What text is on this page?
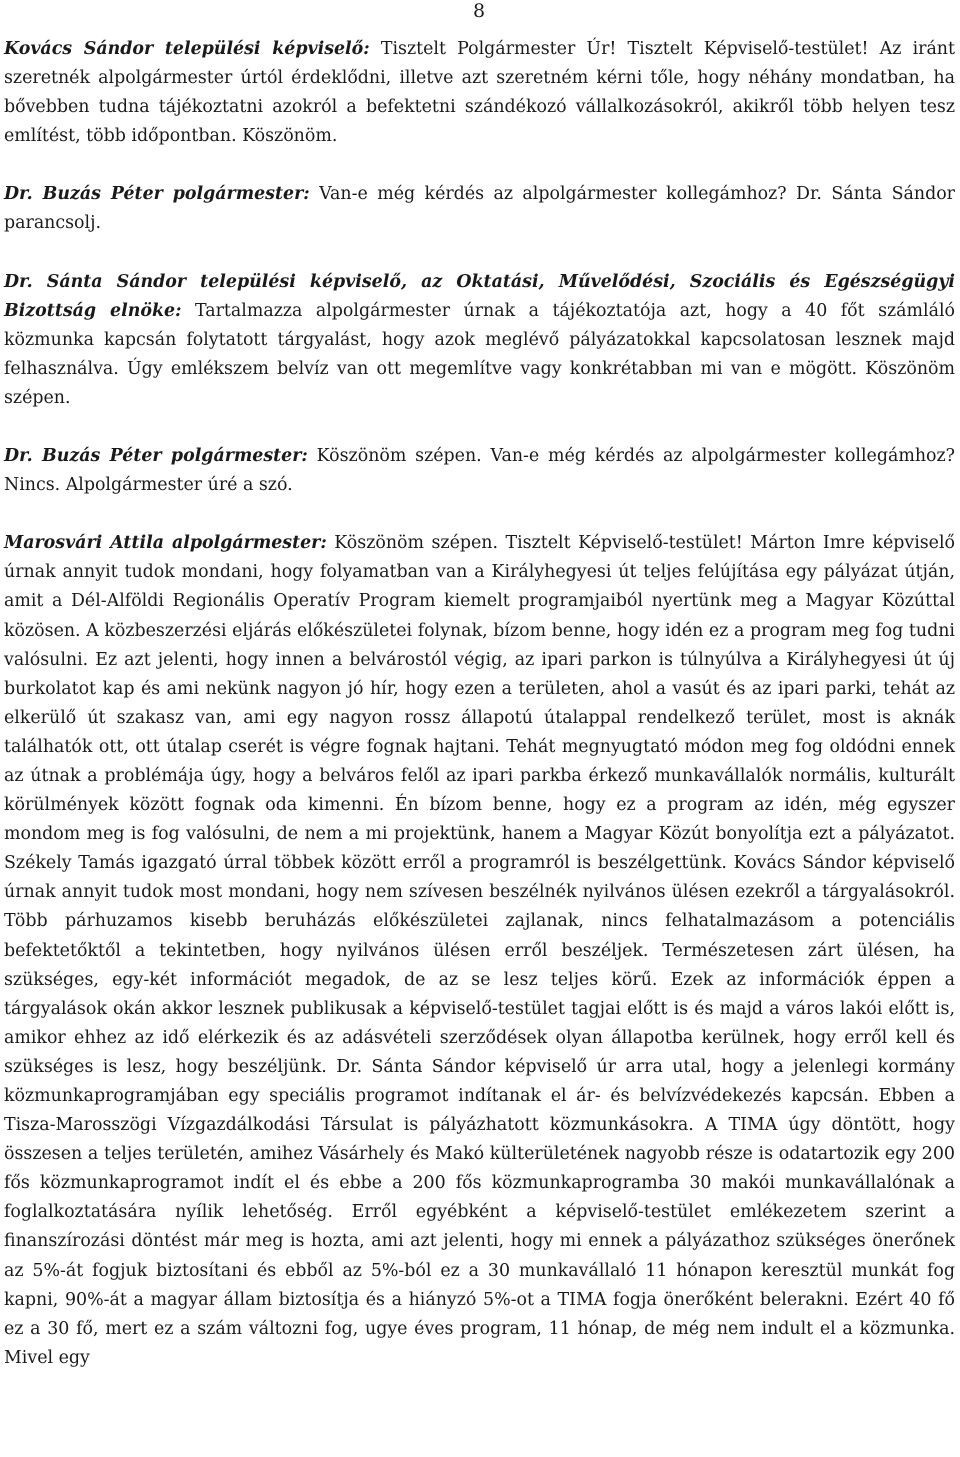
8

Kovács Sándor települési képviselő: Tisztelt Polgármester Úr! Tisztelt Képviselő-testület! Az iránt szeretnék alpolgármester úrtól érdeklődni, illetve azt szeretném kérni tőle, hogy néhány mondatban, ha bővebben tudna tájékoztatni azokról a befektetni szándékozó vállalkozásokról, akikről több helyen tesz említést, több időpontban. Köszönöm.

Dr. Buzás Péter polgármester: Van-e még kérdés az alpolgármester kollegámhoz? Dr. Sánta Sándor parancsolj.

Dr. Sánta Sándor települési képviselő, az Oktatási, Művelődési, Szociális és Egészségügyi Bizottság elnöke: Tartalmazza alpolgármester úrnak a tájékoztatója azt, hogy a 40 főt számláló közmunka kapcsán folytatott tárgyalást, hogy azok meglévő pályázatokkal kapcsolatosan lesznek majd felhasználva. Úgy emlékszem belvíz van ott megemlítve vagy konkrétabban mi van e mögött. Köszönöm szépen.

Dr. Buzás Péter polgármester: Köszönöm szépen. Van-e még kérdés az alpolgármester kollegámhoz? Nincs. Alpolgármester úré a szó.

Marosvári Attila alpolgármester: Köszönöm szépen. Tisztelt Képviselő-testület! Márton Imre képviselő úrnak annyit tudok mondani, hogy folyamatban van a Királyhegyesi út teljes felújítása egy pályázat útján, amit a Dél-Alföldi Regionális Operatív Program kiemelt programjaiból nyertünk meg a Magyar Közúttal közösen. A közbeszerzési eljárás előkészületei folynak, bízom benne, hogy idén ez a program meg fog tudni valósulni. Ez azt jelenti, hogy innen a belvárostól végig, az ipari parkon is túlnyúlva a Királyhegyesi út új burkolatot kap és ami nekünk nagyon jó hír, hogy ezen a területen, ahol a vasút és az ipari parki, tehát az elkerülő út szakasz van, ami egy nagyon rossz állapotú útalappal rendelkező terület, most is aknák találhatók ott, ott útalap cserét is végre fognak hajtani. Tehát megnyugtató módon meg fog oldódni ennek az útnak a problémája úgy, hogy a belváros felől az ipari parkba érkező munkavállalók normális, kulturált körülmények között fognak oda kimenni. Én bízom benne, hogy ez a program az idén, még egyszer mondom meg is fog valósulni, de nem a mi projektünk, hanem a Magyar Közút bonyolítja ezt a pályázatot. Székely Tamás igazgató úrral többek között erről a programról is beszélgettünk. Kovács Sándor képviselő úrnak annyit tudok most mondani, hogy nem szívesen beszélnék nyilvános ülésen ezekről a tárgyalásokról. Több párhuzamos kisebb beruházás előkészületei zajlanak, nincs felhatalmazásom a potenciális befektetőktől a tekintetben, hogy nyilvános ülésen erről beszéljek. Természetesen zárt ülésen, ha szükséges, egy-két információt megadok, de az se lesz teljes körű. Ezek az információk éppen a tárgyalások okán akkor lesznek publikusak a képviselő-testület tagjai előtt is és majd a város lakói előtt is, amikor ehhez az idő elérkezik és az adásvételi szerződések olyan állapotba kerülnek, hogy erről kell és szükséges is lesz, hogy beszéljünk. Dr. Sánta Sándor képviselő úr arra utal, hogy a jelenlegi kormány közmunkaprogramjában egy speciális programot indítanak el ár- és belvízvédekezés kapcsán. Ebben a Tisza-Marosszögi Vízgazdálkodási Társulat is pályázhatott közmunkásokra. A TIMA úgy döntött, hogy összesen a teljes területén, amihez Vásárhely és Makó külterületének nagyobb része is odatartozik egy 200 fős közmunkaprogramot indít el és ebbe a 200 fős közmunkaprogramba 30 makói munkavállalónak a foglalkoztatására nyílik lehetőség. Erről egyébként a képviselő-testület emlékezetem szerint a finanszírozási döntést már meg is hozta, ami azt jelenti, hogy mi ennek a pályázathoz szükséges önerőnek az 5%-át fogjuk biztosítani és ebből az 5%-ból ez a 30 munkavállaló 11 hónapon keresztül munkát fog kapni, 90%-át a magyar állam biztosítja és a hiányzó 5%-ot a TIMA fogja önerőként belerakni. Ezért 40 fő ez a 30 fő, mert ez a szám változni fog, ugye éves program, 11 hónap, de még nem indult el a közmunka. Mivel egy
